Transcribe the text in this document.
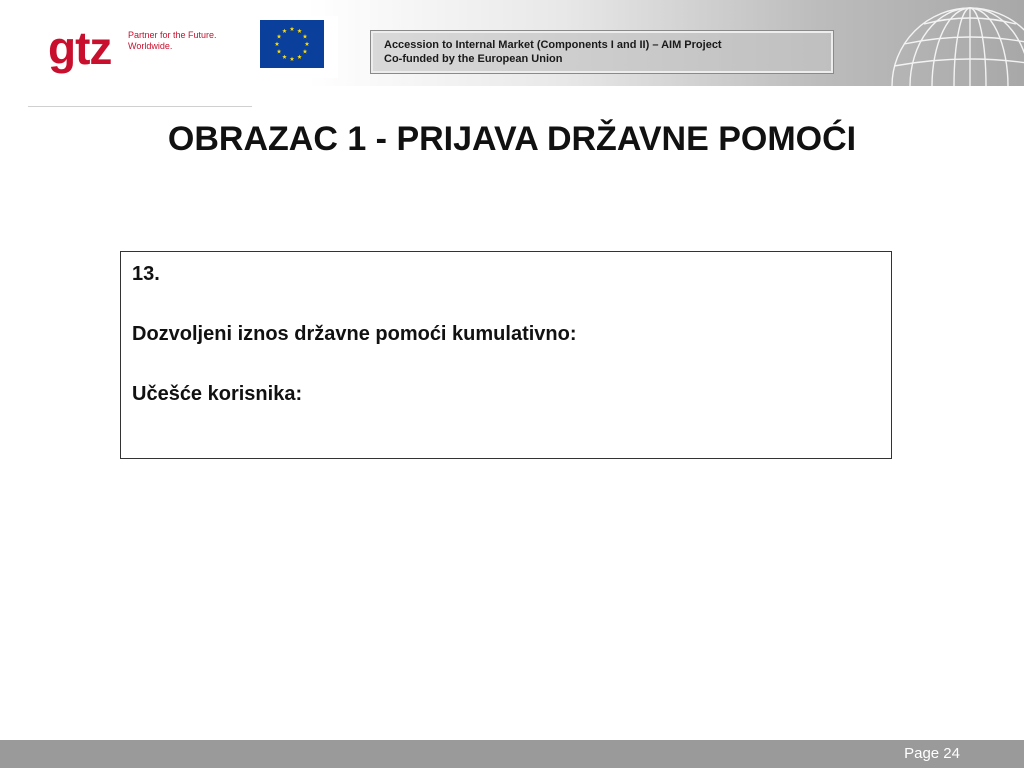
gtz Partner for the Future.
Worldwide.	Accession to Internal Market (Components I and II) – AIM Project
Co-funded by the European Union
OBRAZAC 1 - PRIJAVA DRŽAVNE POMOĆI
13.
Dozvoljeni iznos državne pomoći kumulativno:
Učešće korisnika:
Page 24
